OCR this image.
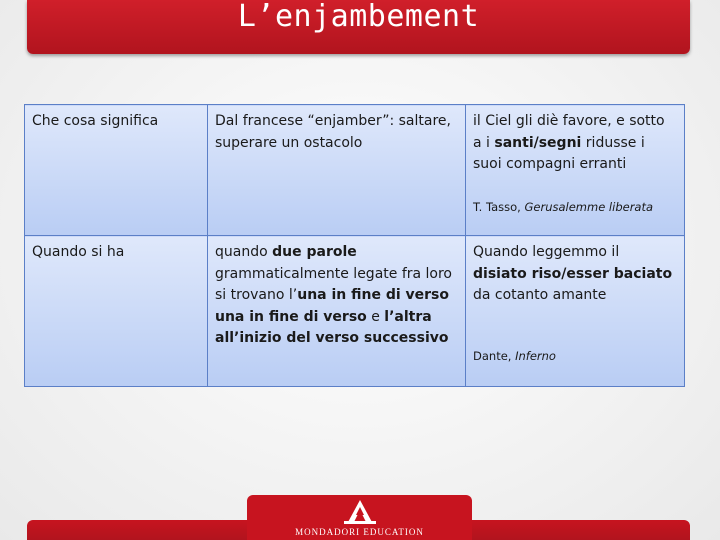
L’enjambement
Che cosa significa	Dal francese “enjamber”: saltare, superare un ostacolo	il Ciel gli diè favore, e sotto a i santi/segni ridusse i suoi compagni erranti
T. Tasso, Gerusalemme liberata

Quando si ha	quando due parole grammaticalmente legate fra loro si trovano l’una in fine di verso una in fine di verso e l’altra all’inizio del verso successivo	Quando leggemmo il disiato riso/esser baciato da cotanto amante
Dante, Inferno
MONDADORI EDUCATION
